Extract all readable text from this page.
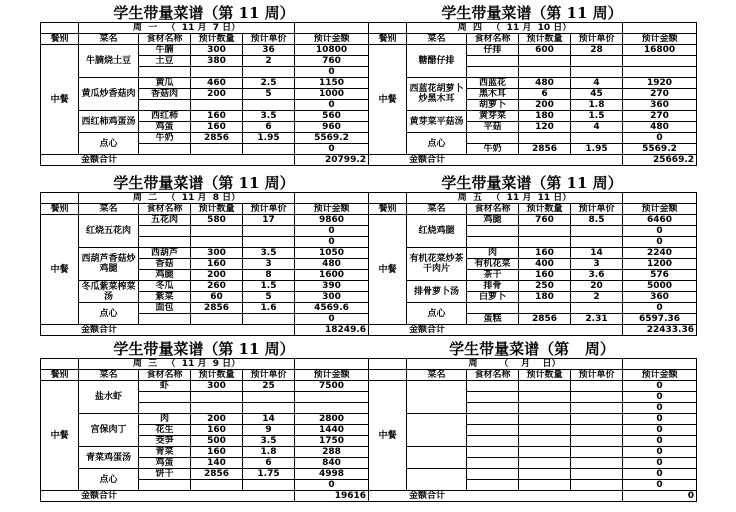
学生带量菜谱（第 11 周）
	周  一   （  11 月  7 日）				
餐别	菜名	食材名称	预计数量	预计单价	预计金额
中餐	牛腩烧土豆	牛腩	300	36	10800
		土豆	380	2	760
					0
	黄瓜炒香菇肉	黄瓜	460	2.5	1150
		香菇肉	200	5	1000
					0
	西红柿鸡蛋汤	西红柿	160	3.5	560
		鸡蛋	160	6	960
	点心	牛奶	2856	1.95	5569.2
					0
金额合计					20799.2
学生带量菜谱（第 11 周）
	周  四   （  11 月  10 日）				
餐别	菜名	食材名称	预计数量	预计单价	预计金额
中餐	糖醋仔排	仔排	600	28	16800

	西蓝花胡萝卜炒黑木耳	西蓝花	480	4	1920
		黑木耳	6	45	270
		胡萝卜	200	1.8	360
	黄芽菜平菇汤	黄芽菜	180	1.5	270
		平菇	120	4	480
	点心				0
		牛奶	2856	1.95	5569.2
金额合计					25669.2
学生带量菜谱（第 11 周）
	周  二   （  11 月  8 日）				
餐别	菜名	食材名称	预计数量	预计单价	预计金额
中餐	红烧五花肉	五花肉	580	17	9860
					0
					0
	西葫芦香菇炒鸡腿	西葫芦	300	3.5	1050
		香菇	160	3	480
		鸡腿	200	8	1600
	冬瓜紫菜榨菜汤	冬瓜	260	1.5	390
		紫菜	60	5	300
	点心	面包	2856	1.6	4569.6
					0
金额合计					18249.6
学生带量菜谱（第 11 周）
	周  五   （  11 月  11 日）				
餐别	菜名	食材名称	预计数量	预计单价	预计金额
中餐	红烧鸡腿	鸡腿	760	8.5	6460
					0
					0
	有机花菜炒茶干肉片	肉	160	14	2240
		有机花菜	400	3	1200
		茶干	160	3.6	576
	排骨萝卜汤	排骨	250	20	5000
		白萝卜	180	2	360
	点心				0
		蛋糕	2856	2.31	6597.36
金额合计					22433.36
学生带量菜谱（第 11 周）
	周  三   （  11 月  9 日）				
餐别	菜名	食材名称	预计数量	预计单价	预计金额
中餐	盐水虾	虾	300	25	7500

	宫保肉丁	肉	200	14	2800
		花生	160	9	1440
		茭笋	500	3.5	1750
	青菜鸡蛋汤	青菜	160	1.8	288
		鸡蛋	140	6	840
	点心	饼干	2856	1.75	4998
					0
金额合计					19616
学生带量菜谱（第   周）
	周       （    月    日）				
	菜名	食材名称	预计数量	预计单价	预计金额
中餐					0
					0
					0
					0
					0
					0
					0
					0
					0
					0
金额合计					0
